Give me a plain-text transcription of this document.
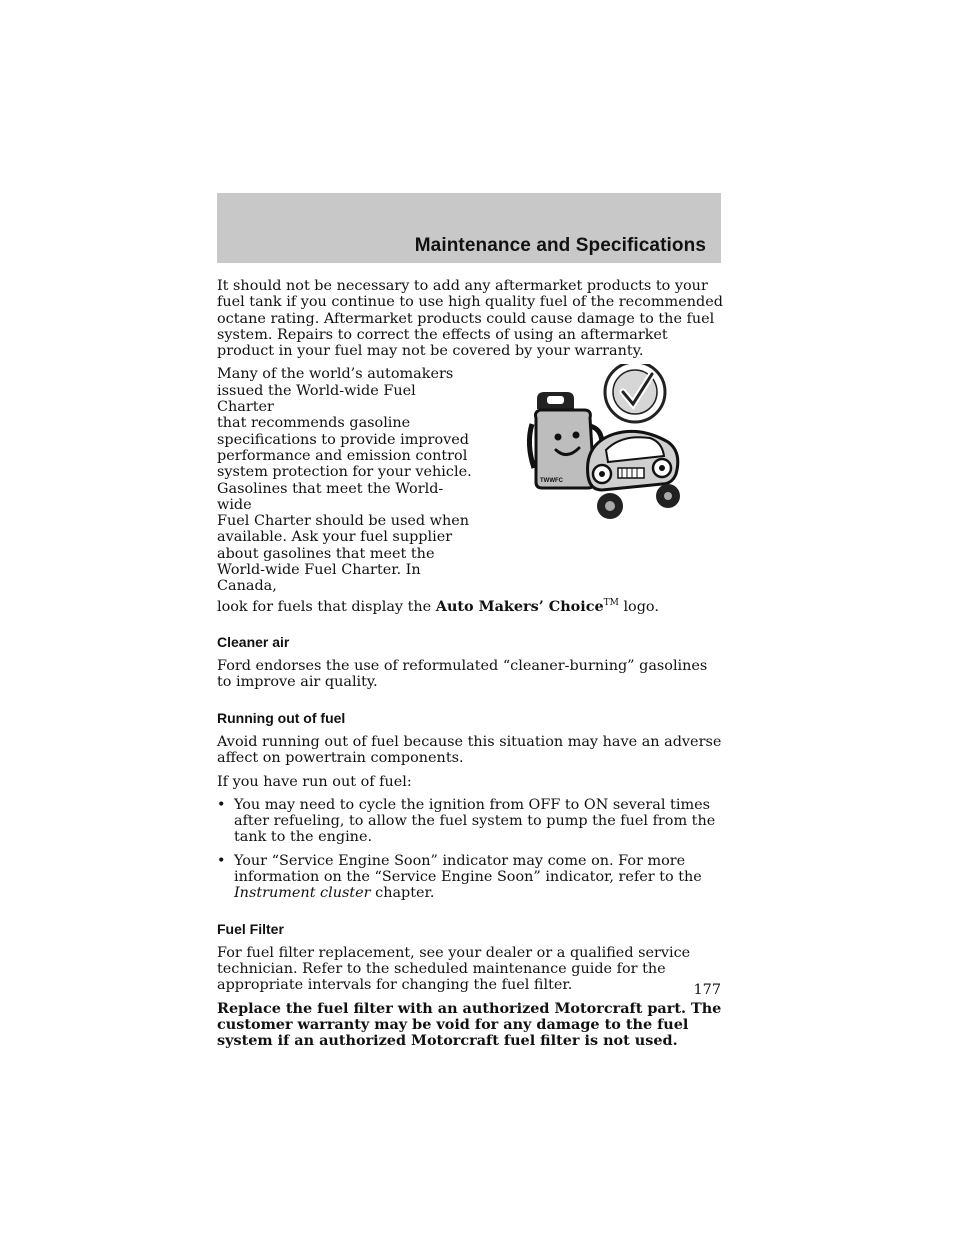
Maintenance and Specifications

It should not be necessary to add any aftermarket products to your fuel tank if you continue to use high quality fuel of the recommended octane rating. Aftermarket products could cause damage to the fuel system. Repairs to correct the effects of using an aftermarket product in your fuel may not be covered by your warranty.

Many of the world’s automakers
issued the World-wide Fuel Charter
that recommends gasoline
specifications to provide improved
performance and emission control
system protection for your vehicle.
Gasolines that meet the World-wide
Fuel Charter should be used when
available. Ask your fuel supplier
about gasolines that meet the
World-wide Fuel Charter. In Canada,
look for fuels that display the Auto Makers’ Choice™ logo.
TWWFC
Cleaner air

Ford endorses the use of reformulated “cleaner-burning” gasolines to improve air quality.

Running out of fuel

Avoid running out of fuel because this situation may have an adverse affect on powertrain components.

If you have run out of fuel:

• You may need to cycle the ignition from OFF to ON several times after refueling, to allow the fuel system to pump the fuel from the tank to the engine.
• Your “Service Engine Soon” indicator may come on. For more information on the “Service Engine Soon” indicator, refer to the Instrument cluster chapter.
Fuel Filter

For fuel filter replacement, see your dealer or a qualified service technician. Refer to the scheduled maintenance guide for the appropriate intervals for changing the fuel filter.

Replace the fuel filter with an authorized Motorcraft part. The customer warranty may be void for any damage to the fuel system if an authorized Motorcraft fuel filter is not used.

177
